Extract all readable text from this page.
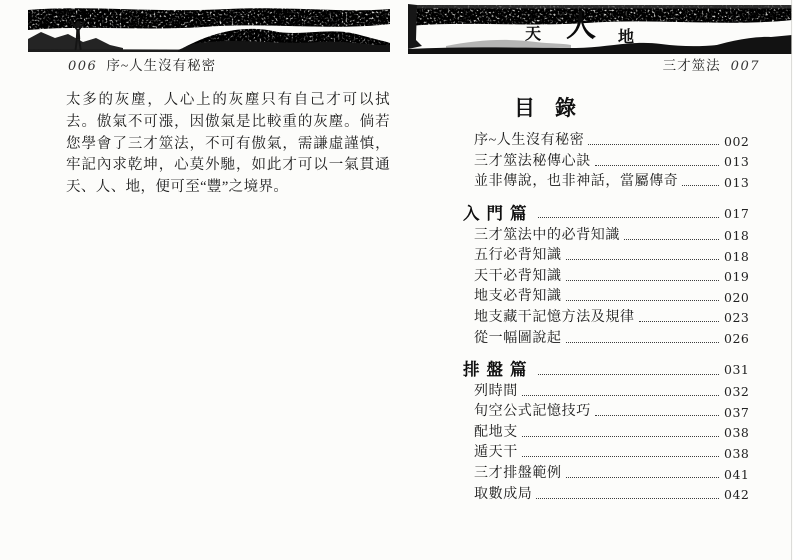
006 序~人生沒有秘密

太多的灰塵，人心上的灰塵只有自己才可以拭去。傲氣不可漲，因傲氣是比較重的灰塵。倘若您學會了三才筮法，不可有傲氣，需謙虛謹慎，牢記內求乾坤，心莫外馳，如此才可以一氣貫通天、人、地，便可至“豐”之境界。

天 人 地
三才筮法 007
目錄
序~人生沒有秘密	002
三才筮法秘傳心訣	013
並非傳說，也非神話，當屬傳奇	013
入門篇	017
三才筮法中的必背知識	018
五行必背知識	018
天干必背知識	019
地支必背知識	020
地支藏干記憶方法及規律	023
從一幅圖說起	026
排盤篇	031
列時間	032
旬空公式記憶技巧	037
配地支	038
遁天干	038
三才排盤範例	041
取數成局	042
